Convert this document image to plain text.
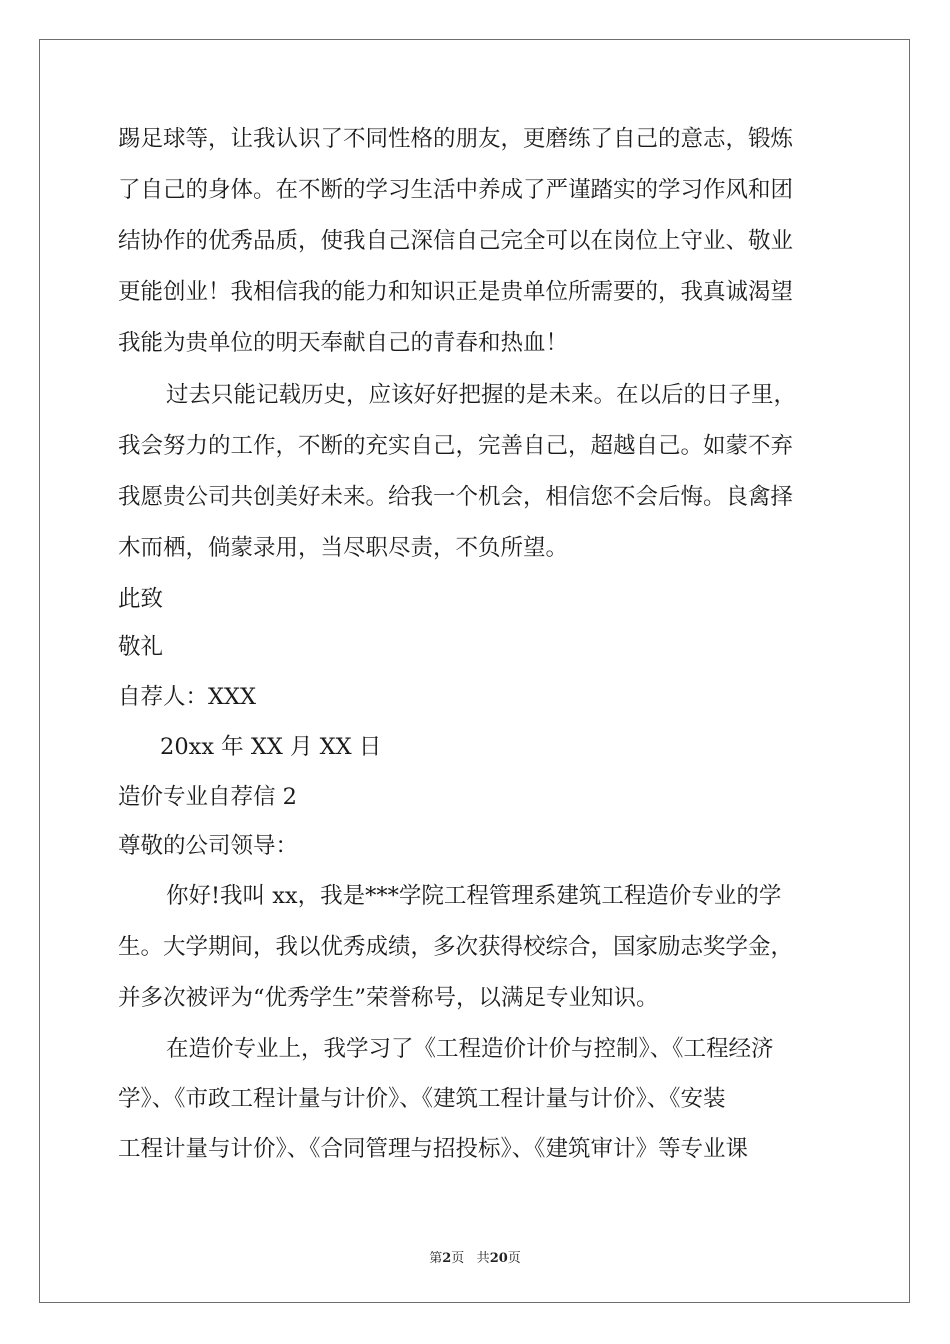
踢足球等，让我认识了不同性格的朋友，更磨练了自己的意志，锻炼
了自己的身体。在不断的学习生活中养成了严谨踏实的学习作风和团
结协作的优秀品质，使我自己深信自己完全可以在岗位上守业、敬业
更能创业！我相信我的能力和知识正是贵单位所需要的，我真诚渴望
我能为贵单位的明天奉献自己的青春和热血！
过去只能记载历史，应该好好把握的是未来。在以后的日子里，
我会努力的工作，不断的充实自己，完善自己，超越自己。如蒙不弃
我愿贵公司共创美好未来。给我一个机会，相信您不会后悔。良禽择
木而栖，倘蒙录用，当尽职尽责，不负所望。
此致
敬礼
自荐人：XXX
20xx 年 XX 月 XX 日
造价专业自荐信 2
尊敬的公司领导：
你好!我叫 xx，我是***学院工程管理系建筑工程造价专业的学
生。大学期间，我以优秀成绩，多次获得校综合，国家励志奖学金，
并多次被评为“优秀学生”荣誉称号，以满足专业知识。
在造价专业上，我学习了《工程造价计价与控制》、《工程经济
学》、《市政工程计量与计价》、《建筑工程计量与计价》、《安装
工程计量与计价》、《合同管理与招投标》、《建筑审计》等专业课
第2页 共20页
